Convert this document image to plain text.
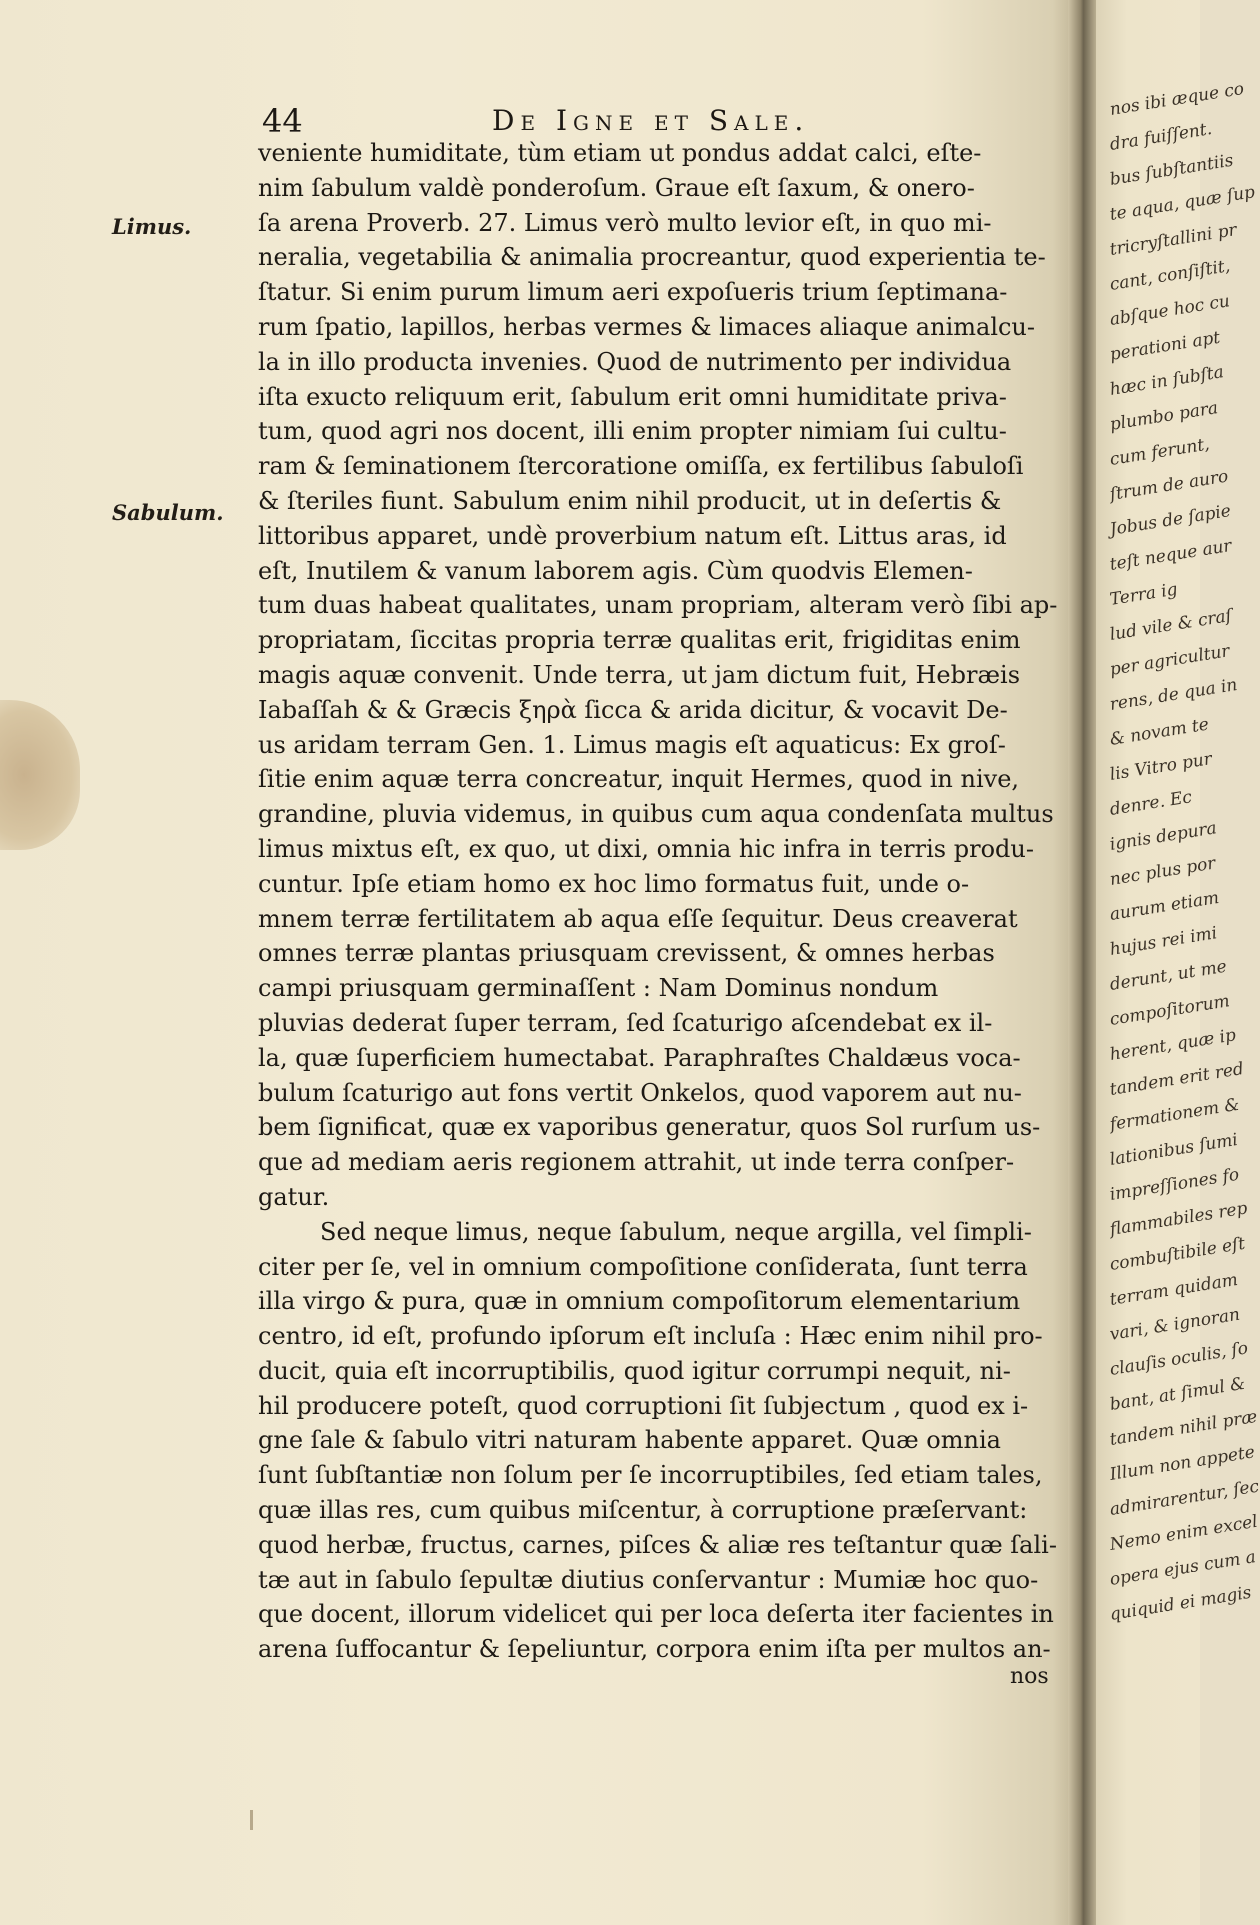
nos ibi æque co
dra fuiſſent.
bus ſubſtantiis
te aqua, quæ ſup
tricryſtallini pr
cant, conſiſtit,
abſque hoc cu
perationi apt
hæc in ſubſta
plumbo para
cum ferunt,
ſtrum de auro
Jobus de ſapie
teſt neque aur
Terra ig
lud vile & craſ
per agricultur
rens, de qua in
& novam te
lis Vitro pur
denre. Ec
ignis depura
nec plus por
aurum etiam
hujus rei imi
derunt, ut me
compoſitorum
herent, quæ ip
tandem erit red
fermationem &
lationibus ſumi
impreſſiones fo
flammabiles rep
combuſtibile eſt
terram quidam
vari, & ignoran
clauſis oculis, ſo
bant, at ſimul &
tandem nihil præ
Illum non appete
admirarentur, ſec
Nemo enim excel
opera ejus cum a
quiquid ei magis
44	De Igne et Sale.
Limus.
Sabulum.
veniente humiditate, tùm etiam ut pondus addat calci, eſte-
nim ſabulum valdè ponderoſum. Graue eſt ſaxum, & onero-
ſa arena Proverb. 27. Limus verò multo levior eſt, in quo mi-
neralia, vegetabilia & animalia procreantur, quod experientia te-
ſtatur. Si enim purum limum aeri expoſueris trium ſeptimana-
rum ſpatio, lapillos, herbas vermes & limaces aliaque animalcu-
la in illo producta invenies. Quod de nutrimento per individua
iſta exucto reliquum erit, ſabulum erit omni humiditate priva-
tum, quod agri nos docent, illi enim propter nimiam ſui cultu-
ram & ſeminationem ſtercoratione omiſſa, ex fertilibus ſabuloſi
& ſteriles fiunt. Sabulum enim nihil producit, ut in deſertis &
littoribus apparet, undè proverbium natum eſt. Littus aras, id
eſt, Inutilem & vanum laborem agis. Cùm quodvis Elemen-
tum duas habeat qualitates, unam propriam, alteram verò ſibi ap-
propriatam, ſiccitas propria terræ qualitas erit, frigiditas enim
magis aquæ convenit. Unde terra, ut jam dictum fuit, Hebræis
Iabaſſah & & Græcis ξηρὰ ſicca & arida dicitur, & vocavit De-
us aridam terram Gen. 1. Limus magis eſt aquaticus: Ex groſ-
ſitie enim aquæ terra concreatur, inquit Hermes, quod in nive,
grandine, pluvia videmus, in quibus cum aqua condenſata multus
limus mixtus eſt, ex quo, ut dixi, omnia hic infra in terris produ-
cuntur. Ipſe etiam homo ex hoc limo formatus fuit, unde o-
mnem terræ fertilitatem ab aqua eſſe ſequitur. Deus creaverat
omnes terræ plantas priusquam crevissent, & omnes herbas
campi priusquam germinaſſent : Nam Dominus nondum
pluvias dederat ſuper terram, ſed ſcaturigo aſcendebat ex il-
la, quæ ſuperficiem humectabat. Paraphraſtes Chaldæus voca-
bulum ſcaturigo aut fons vertit Onkelos, quod vaporem aut nu-
bem ſignificat, quæ ex vaporibus generatur, quos Sol rurſum us-
que ad mediam aeris regionem attrahit, ut inde terra conſper-
gatur.
Sed neque limus, neque ſabulum, neque argilla, vel ſimpli-
citer per ſe, vel in omnium compoſitione conſiderata, ſunt terra
illa virgo & pura, quæ in omnium compoſitorum elementarium
centro, id eſt, profundo ipſorum eſt incluſa : Hæc enim nihil pro-
ducit, quia eſt incorruptibilis, quod igitur corrumpi nequit, ni-
hil producere poteſt, quod corruptioni ſit ſubjectum , quod ex i-
gne ſale & ſabulo vitri naturam habente apparet. Quæ omnia
ſunt ſubſtantiæ non ſolum per ſe incorruptibiles, ſed etiam tales,
quæ illas res, cum quibus miſcentur, à corruptione præſervant:
quod herbæ, fructus, carnes, piſces & aliæ res teſtantur quæ ſali-
tæ aut in ſabulo ſepultæ diutius conſervantur : Mumiæ hoc quo-
que docent, illorum videlicet qui per loca deſerta iter facientes in
arena ſuffocantur & ſepeliuntur, corpora enim iſta per multos an-
nos
